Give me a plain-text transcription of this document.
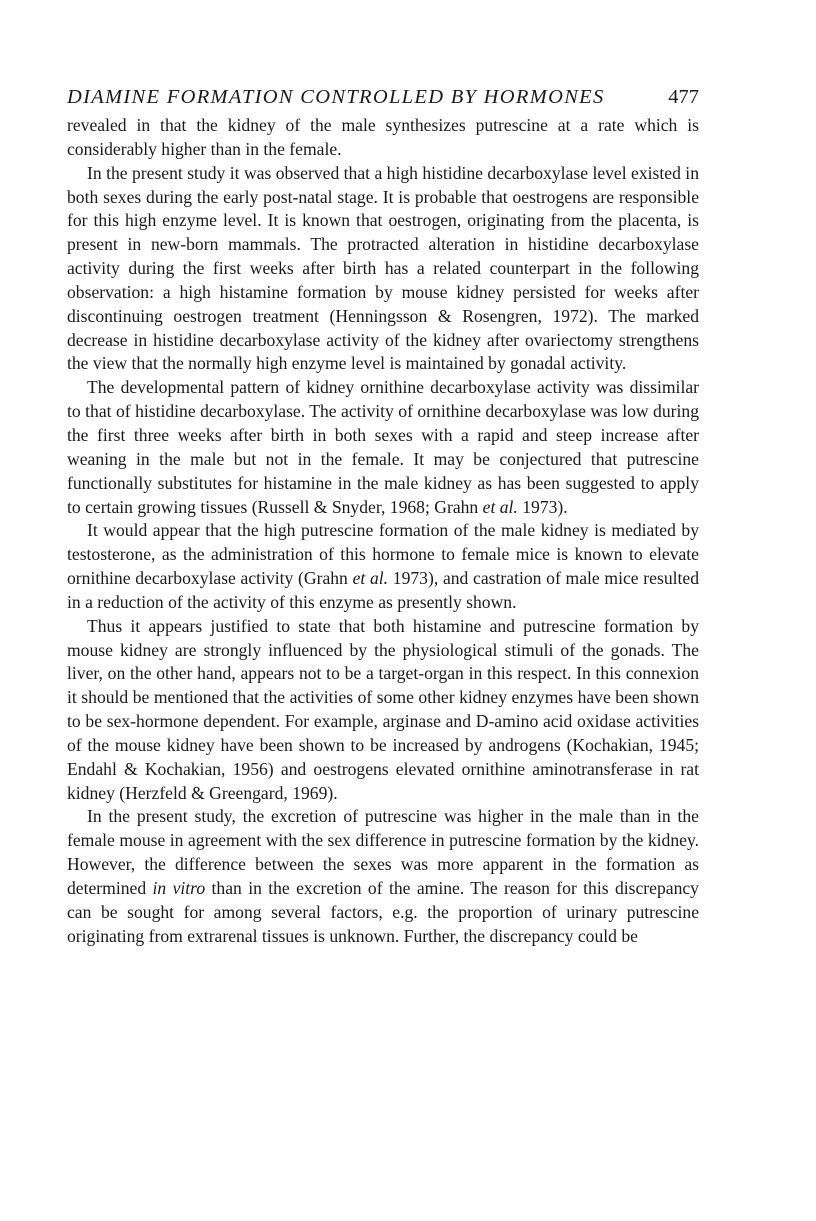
DIAMINE FORMATION CONTROLLED BY HORMONES	477

revealed in that the kidney of the male synthesizes putrescine at a rate which is considerably higher than in the female.

In the present study it was observed that a high histidine decarboxylase level existed in both sexes during the early post-natal stage. It is probable that oestrogens are responsible for this high enzyme level. It is known that oestrogen, originating from the placenta, is present in new-born mammals. The protracted alteration in histidine decarboxylase activity during the first weeks after birth has a related counterpart in the following observation: a high histamine formation by mouse kidney persisted for weeks after discontinuing oestrogen treatment (Henningsson & Rosengren, 1972). The marked decrease in histidine decarboxylase activity of the kidney after ovariectomy strengthens the view that the normally high enzyme level is maintained by gonadal activity.

The developmental pattern of kidney ornithine decarboxylase activity was dissimilar to that of histidine decarboxylase. The activity of ornithine decarboxylase was low during the first three weeks after birth in both sexes with a rapid and steep increase after weaning in the male but not in the female. It may be conjectured that putrescine functionally substitutes for histamine in the male kidney as has been suggested to apply to certain growing tissues (Russell & Snyder, 1968; Grahn et al. 1973).

It would appear that the high putrescine formation of the male kidney is mediated by testosterone, as the administration of this hormone to female mice is known to elevate ornithine decarboxylase activity (Grahn et al. 1973), and castration of male mice resulted in a reduction of the activity of this enzyme as presently shown.

Thus it appears justified to state that both histamine and putrescine formation by mouse kidney are strongly influenced by the physiological stimuli of the gonads. The liver, on the other hand, appears not to be a target-organ in this respect. In this connexion it should be mentioned that the activities of some other kidney enzymes have been shown to be sex-hormone dependent. For example, arginase and D-amino acid oxidase activities of the mouse kidney have been shown to be increased by androgens (Kochakian, 1945; Endahl & Kochakian, 1956) and oestrogens elevated ornithine aminotransferase in rat kidney (Herzfeld & Greengard, 1969).

In the present study, the excretion of putrescine was higher in the male than in the female mouse in agreement with the sex difference in putrescine formation by the kidney. However, the difference between the sexes was more apparent in the formation as determined in vitro than in the excretion of the amine. The reason for this discrepancy can be sought for among several factors, e.g. the proportion of urinary putrescine originating from extrarenal tissues is unknown. Further, the discrepancy could be
